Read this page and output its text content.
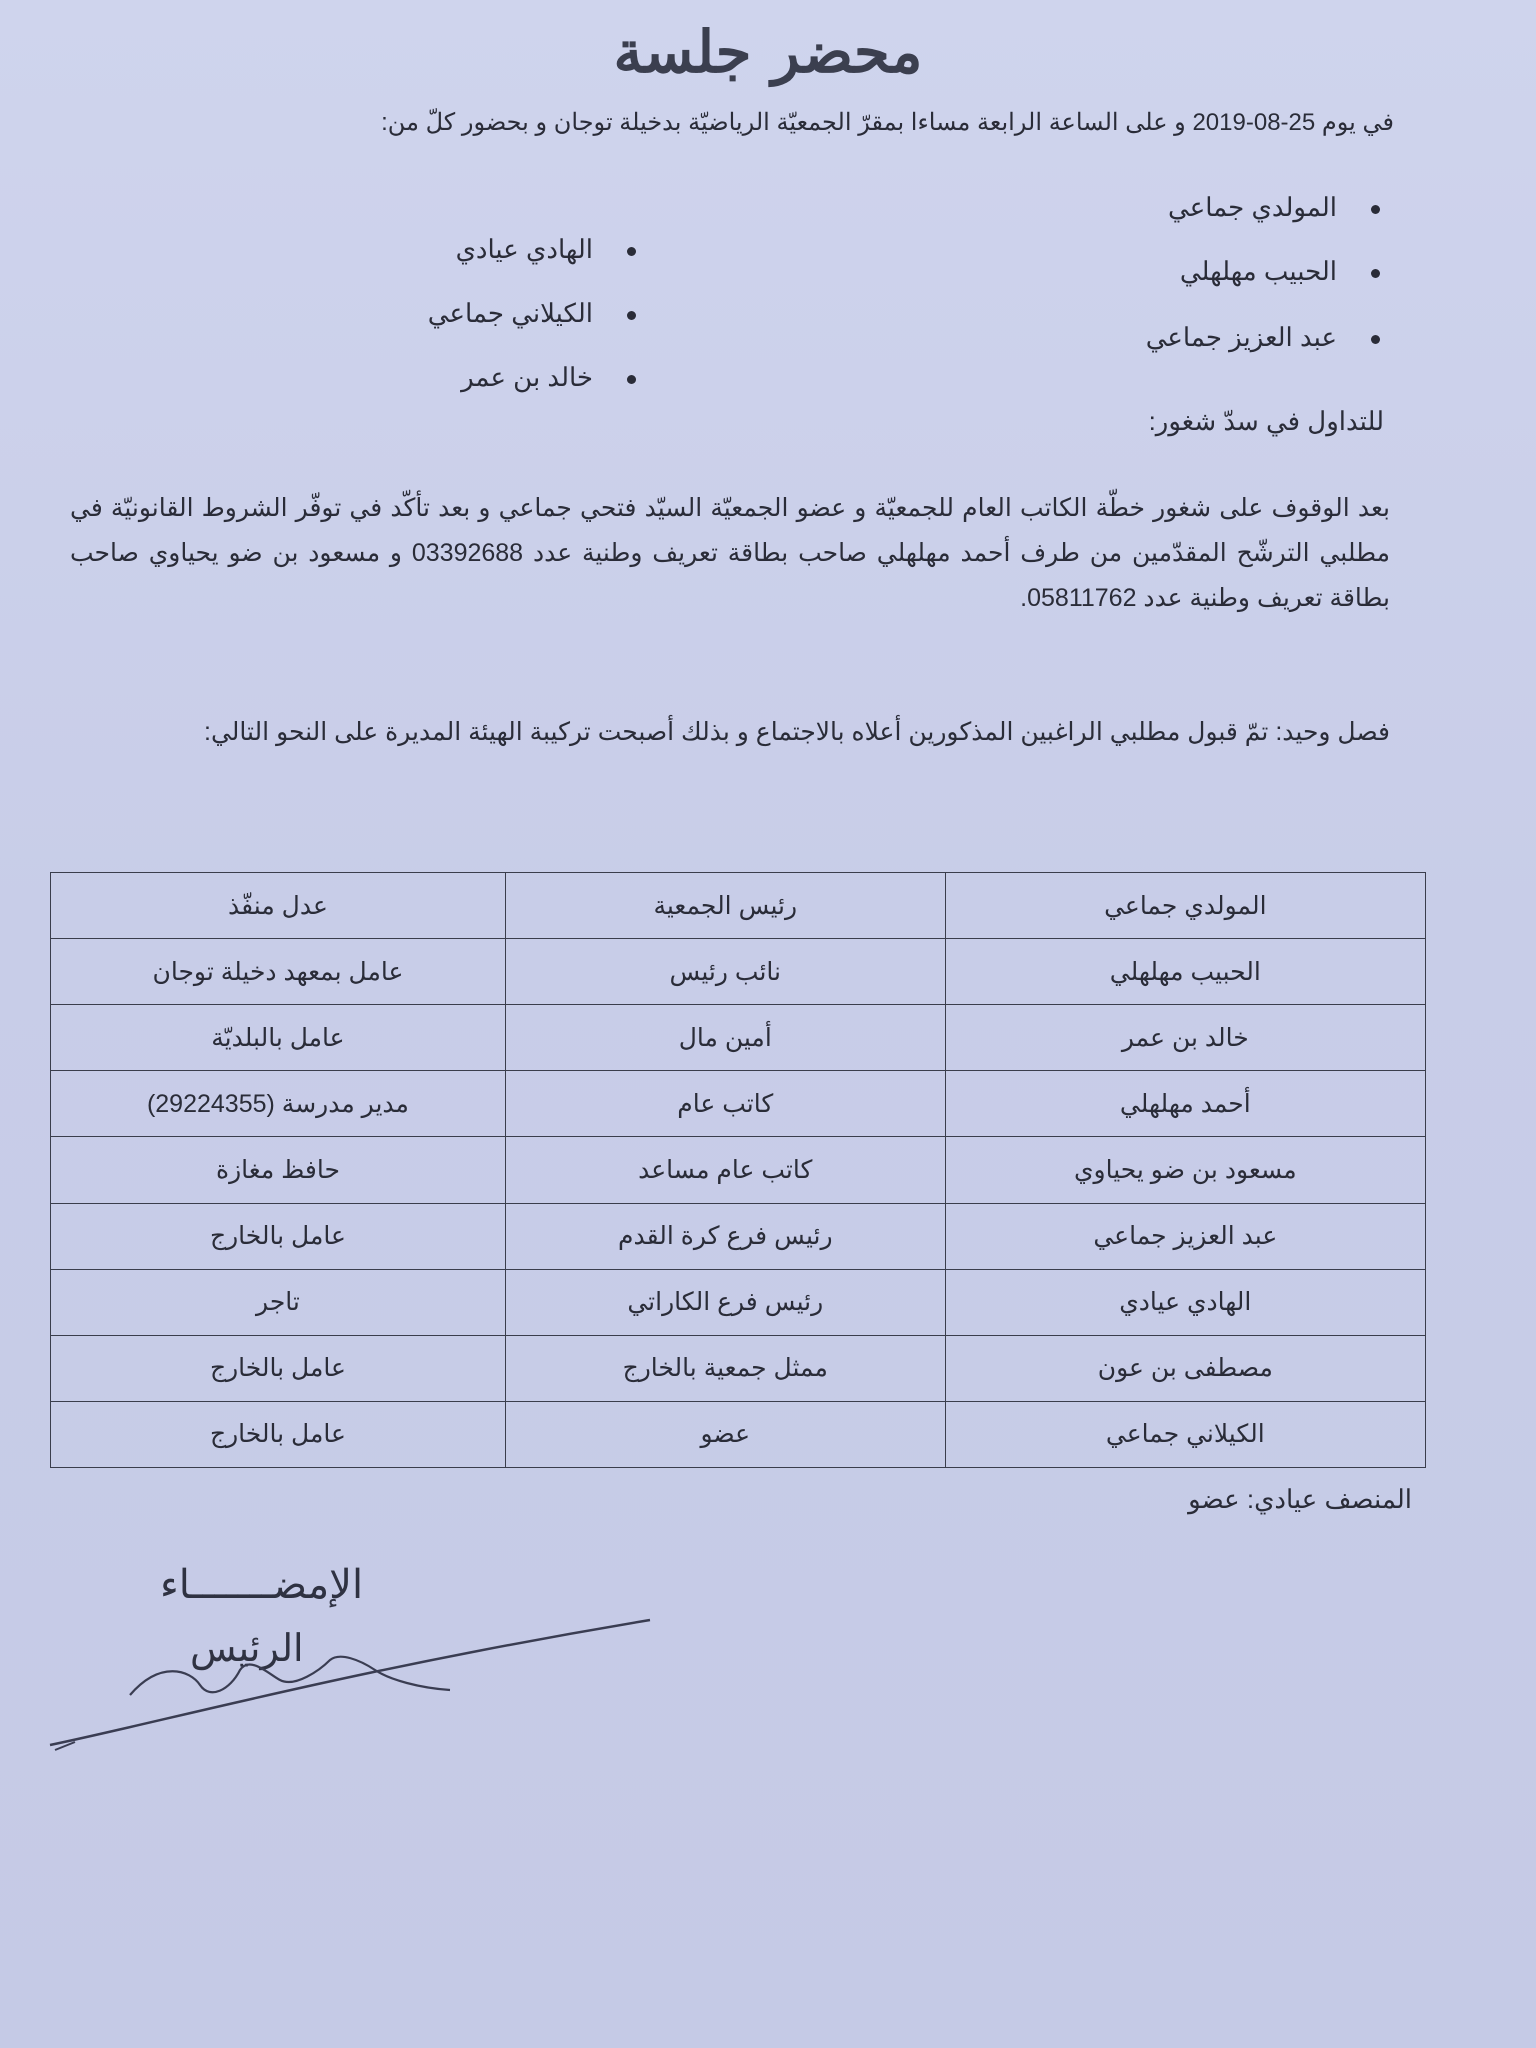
محضر جلسة
في يوم 25-08-2019 و على الساعة الرابعة مساءا بمقرّ الجمعيّة الرياضيّة بدخيلة توجان و بحضور كلّ من:
المولدي جماعي
الحبيب مهلهلي
عبد العزيز جماعي
الهادي عيادي
الكيلاني جماعي
خالد بن عمر
للتداول في سدّ شغور:
بعد الوقوف على شغور خطّة الكاتب العام للجمعيّة و عضو الجمعيّة السيّد فتحي جماعي و بعد تأكّد في توفّر الشروط القانونيّة في مطلبي الترشّح المقدّمين من طرف أحمد مهلهلي صاحب بطاقة تعريف وطنية عدد 03392688 و مسعود بن ضو يحياوي صاحب بطاقة تعريف وطنية عدد 05811762.
فصل وحيد: تمّ قبول مطلبي الراغبين المذكورين أعلاه بالاجتماع و بذلك أصبحت تركيبة الهيئة المديرة على النحو التالي:
المولدي جماعي	رئيس الجمعية	عدل منفّذ
الحبيب مهلهلي	نائب رئيس	عامل بمعهد دخيلة توجان
خالد بن عمر	أمين مال	عامل بالبلديّة
أحمد مهلهلي	كاتب عام	مدير مدرسة (29224355)
مسعود بن ضو يحياوي	كاتب عام مساعد	حافظ مغازة
عبد العزيز جماعي	رئيس فرع كرة القدم	عامل بالخارج
الهادي عيادي	رئيس فرع الكاراتي	تاجر
مصطفى بن عون	ممثل جمعية بالخارج	عامل بالخارج
الكيلاني جماعي	عضو	عامل بالخارج
المنصف عيادي: عضو
الإمضـــــــاء
الرئيس
